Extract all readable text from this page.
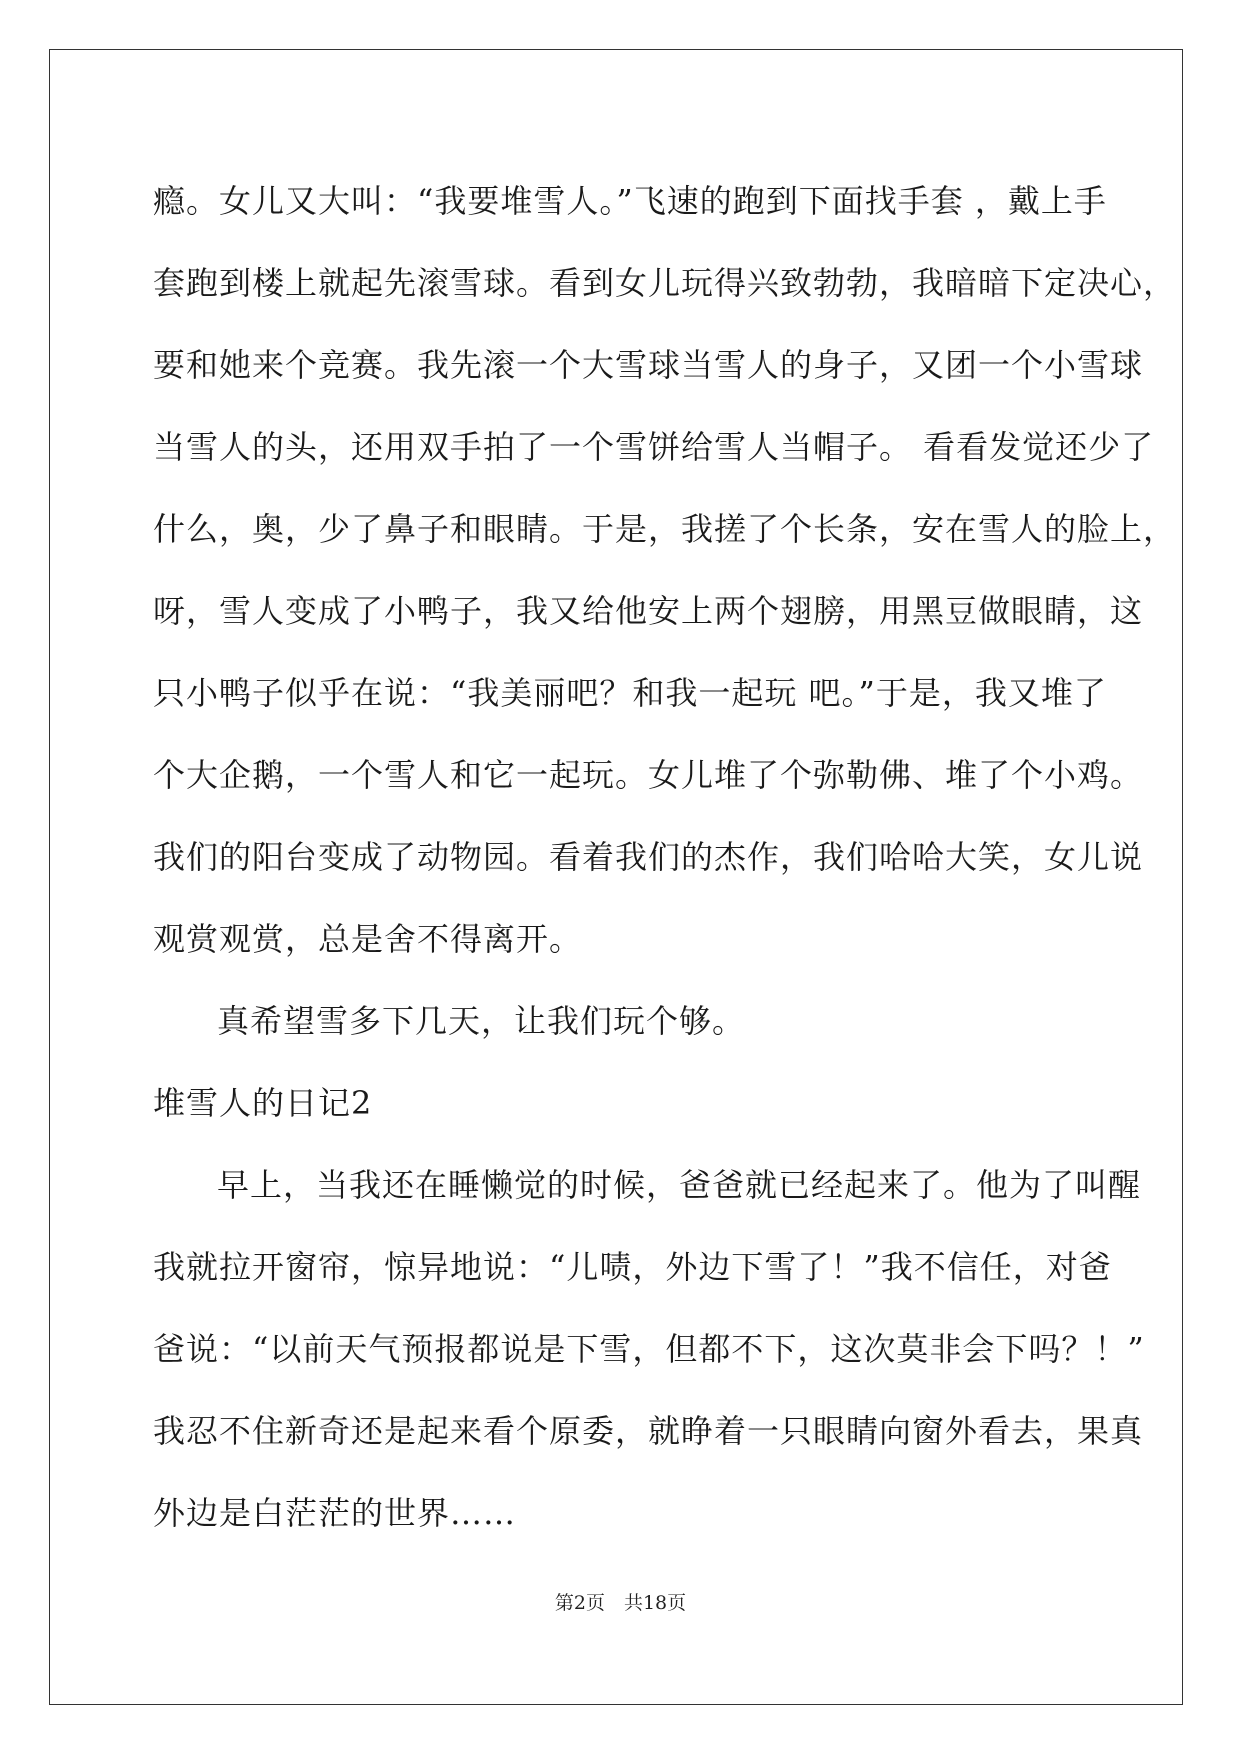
瘾。女儿又大叫：“我要堆雪人。”飞速的跑到下面找手套 ，戴上手
套跑到楼上就起先滚雪球。看到女儿玩得兴致勃勃，我暗暗下定决心，
要和她来个竞赛。我先滚一个大雪球当雪人的身子，又团一个小雪球
当雪人的头，还用双手拍了一个雪饼给雪人当帽子。 看看发觉还少了
什么，奥，少了鼻子和眼睛。于是，我搓了个长条，安在雪人的脸上，
呀，雪人变成了小鸭子，我又给他安上两个翅膀，用黑豆做眼睛，这
只小鸭子似乎在说：“我美丽吧？和我一起玩 吧。”于是，我又堆了
个大企鹅，一个雪人和它一起玩。女儿堆了个弥勒佛、堆了个小鸡。
我们的阳台变成了动物园。看着我们的杰作，我们哈哈大笑，女儿说
观赏观赏，总是舍不得离开。
真希望雪多下几天，让我们玩个够。
堆雪人的日记2
早上，当我还在睡懒觉的时候，爸爸就已经起来了。他为了叫醒
我就拉开窗帘，惊异地说：“儿啧，外边下雪了！”我不信任，对爸
爸说：“以前天气预报都说是下雪，但都不下，这次莫非会下吗？！”
我忍不住新奇还是起来看个原委，就睁着一只眼睛向窗外看去，果真
外边是白茫茫的世界……
第2页　共18页
